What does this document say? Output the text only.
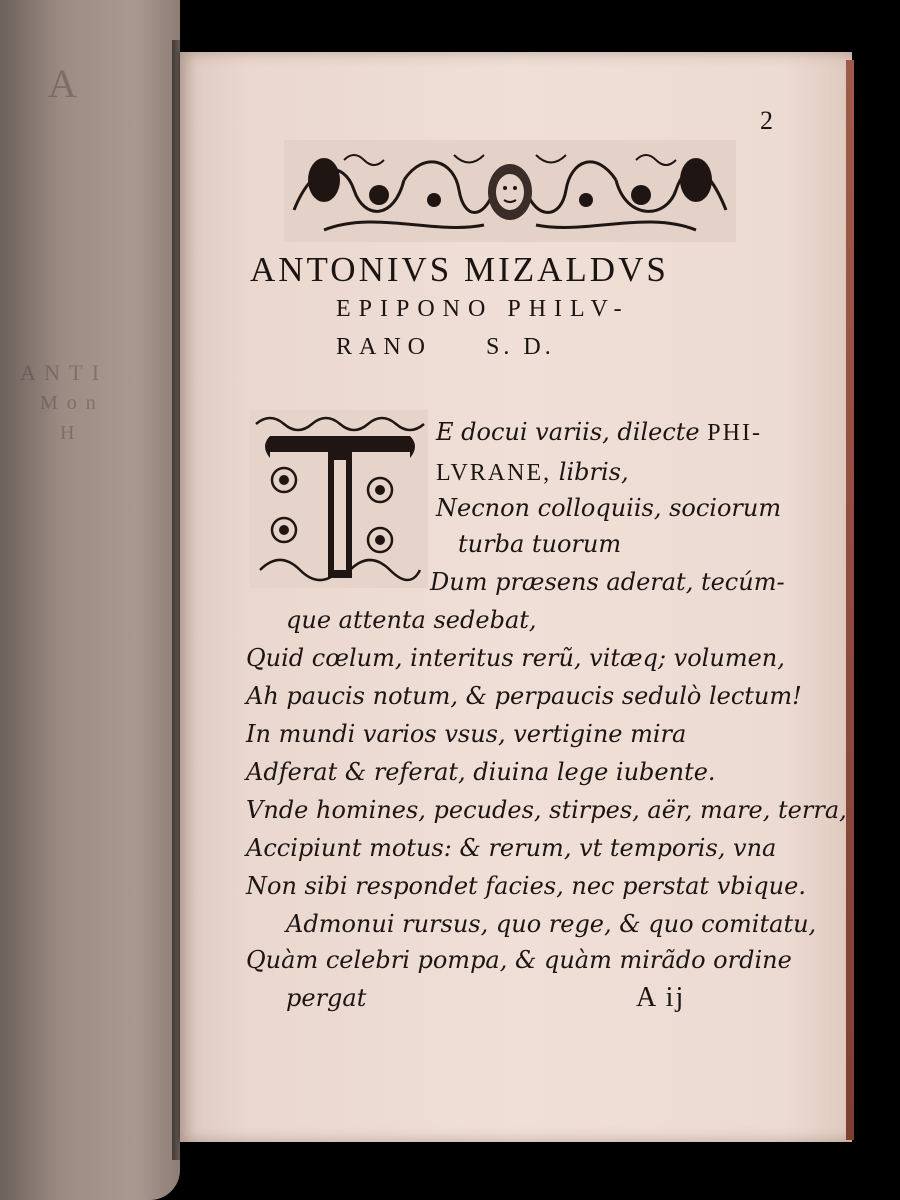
A
A N T I
M o n
H
2
ANTONIVS MIZALDVS
EPIPONO PHILV-
RANO S. D.
E docui variis, dilecte PHI-
LVRANE, libris,
Necnon colloquiis, sociorum
turba tuorum
Dum præsens aderat, tecúm-
que attenta sedebat,
Quid cœlum, interitus rerũ, vitæq; volumen,
Ah paucis notum, & perpaucis sedulò lectum!
In mundi varios vsus, vertigine mira
Adferat & referat, diuina lege iubente.
Vnde homines, pecudes, stirpes, aër, mare, terra,
Accipiunt motus: & rerum, vt temporis, vna
Non sibi respondet facies, nec perstat vbique.
Admonui rursus, quo rege, & quo comitatu,
Quàm celebri pompa, & quàm mirãdo ordine
pergat	A ij
